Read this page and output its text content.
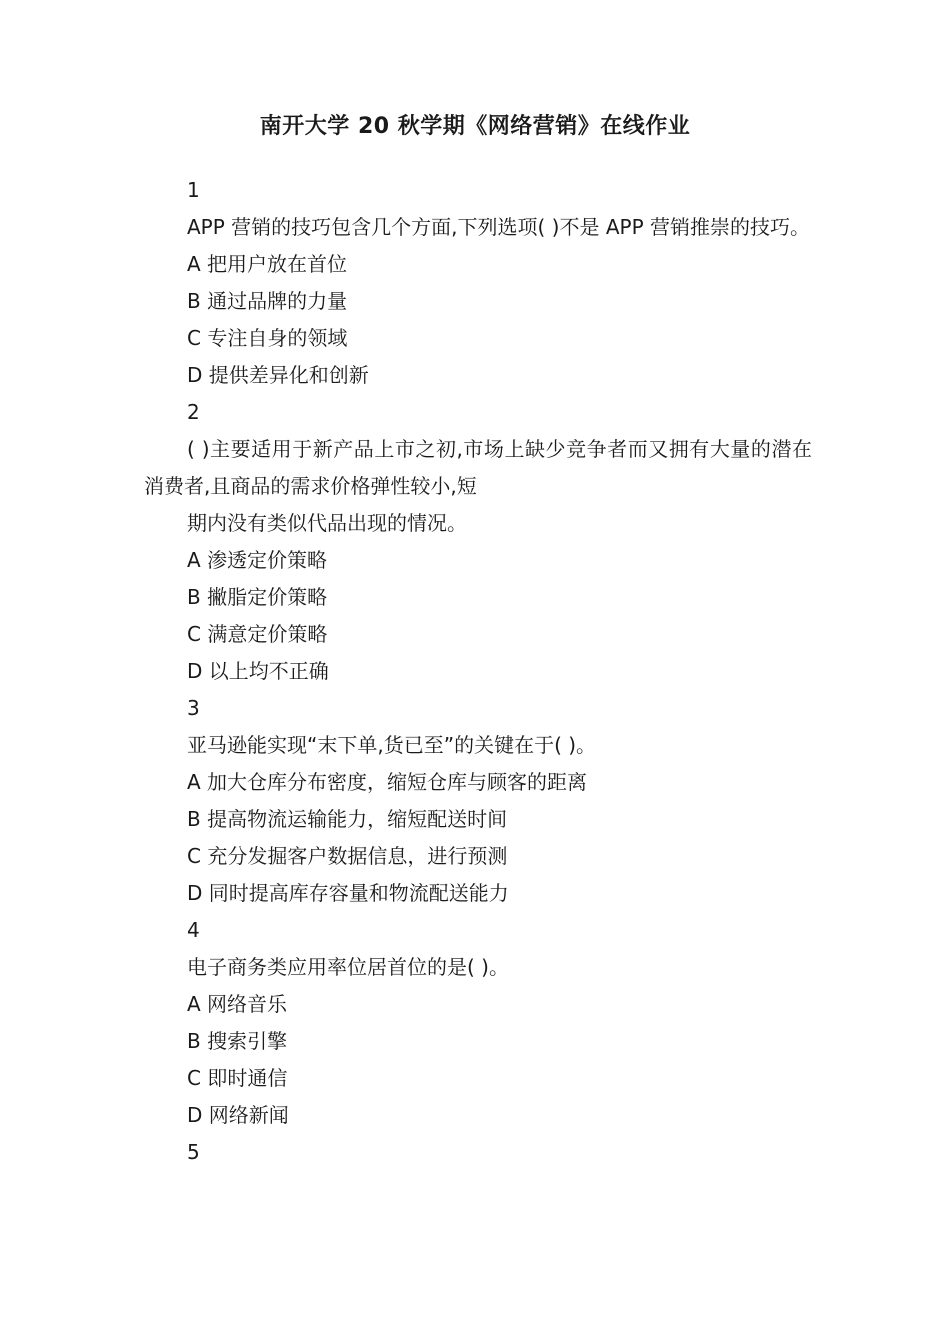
南开大学 20 秋学期《网络营销》在线作业
1
APP 营销的技巧包含几个方面,下列选项( )不是 APP 营销推崇的技巧。
A 把用户放在首位
B 通过品牌的力量
C 专注自身的领域
D 提供差异化和创新
2
( )主要适用于新产品上市之初,市场上缺少竞争者而又拥有大量的潜在消费者,且商品的需求价格弹性较小,短
期内没有类似代品出现的情况。
A 渗透定价策略
B 撇脂定价策略
C 满意定价策略
D 以上均不正确
3
亚马逊能实现“末下单,货已至”的关键在于( )。
A 加大仓库分布密度，缩短仓库与顾客的距离
B 提高物流运输能力，缩短配送时间
C 充分发掘客户数据信息，进行预测
D 同时提高库存容量和物流配送能力
4
电子商务类应用率位居首位的是( )。
A 网络音乐
B 搜索引擎
C 即时通信
D 网络新闻
5
